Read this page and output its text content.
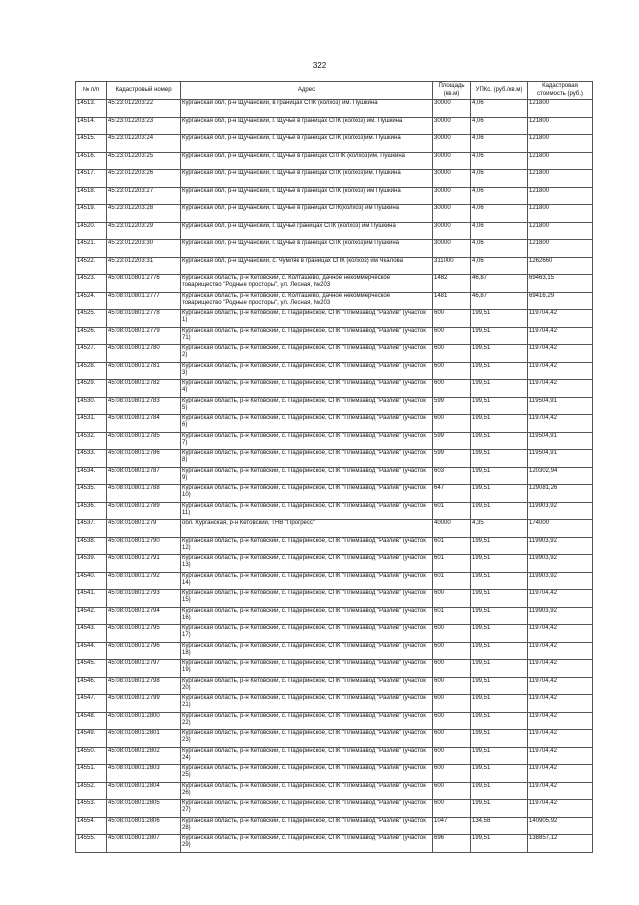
322
№ п/п	Кадастровый номер	Адрес	Площадь (кв.м)	УПКс. (руб./кв.м)	Кадастровая стоимость (руб.)
14513.	45:23:012203:22	Курганская обл, р-н Щучанский, в границах СПК (колхоз) им. Пушкина	30000	4,06	121800
14514.	45:23:012203:23	Курганская обл, р-н Щучанский, г. Щучье в границах СПК (колхоз) им. Пушкина	30000	4,06	121800
14515.	45:23:012203:24	Курганская обл, р-н Щучанский, г. Щучье в границах СПК (колхоз)им. Пушкина	30000	4,06	121800
14516.	45:23:012203:25	Курганская обл, р-н Щучанский, г. Щучье в границах СППК (колхоз)им. Пушкина	30000	4,06	121800
14517.	45:23:012203:26	Курганская обл, р-н Щучанский, г. Щучье в границах СПК (колхоз)им. Пушкина	30000	4,06	121800
14518.	45:23:012203:27	Курганская обл, р-н Щучанский, г. Щучье в границах СПК (колхоз) им Пушкина	30000	4,06	121800
14519.	45:23:012203:28	Курганская обл, р-н Щучанский, г. Щучье в границах СПК(колхоз) им Пушкина	30000	4,06	121800
14520.	45:23:012203:29	Курганская обл, р-н Щучанский, г. Щучье границах СПК (колхоз) им Пушкина	30000	4,06	121800
14521.	45:23:012203:30	Курганская обл, р-н Щучанский, г. Щучье в границах СПК (колхоз)им Пушкина	30000	4,06	121800
14522.	45:23:012203:31	Курганская обл, р-н Щучанский, с. Чумляк в границах СПК (колхоз) им Чкалова	311000	4,06	1262660
14523.	45:08:010801:2776	Курганская область, р-н Кетовский, с. Колташево, дачное некоммерческое товарищество "Родные просторы", ул. Лесная, №203	1482	46,87	69463,15
14524.	45:08:010801:2777	Курганская область, р-н Кетовский, с. Колташево, дачное некоммерческое товарищество "Родные просторы", ул. Лесная, №203	1481	46,87	69416,29
14525.	45:08:010801:2778	Курганская область, р-н Кетовский, с. Падеринское, СПК "Племзавод "Разлив" (участок 1)	600	199,51	119704,42
14526.	45:08:010801:2779	Курганская область, р-н Кетовский, с. Падеринское, СПК "Племзавод "Разлив" (участок 71)	600	199,51	119704,42
14527.	45:08:010801:2780	Курганская область, р-н Кетовский, с. Падеринское, СПК "Племзавод "Разлив" (участок 2)	600	199,51	119704,42
14528.	45:08:010801:2781	Курганская область, р-н Кетовский, с. Падеринское, СПК "Племзавод "Разлив" (участок 3)	600	199,51	119704,42
14529.	45:08:010801:2782	Курганская область, р-н Кетовский, с. Падеринское, СПК "Племзавод "Разлив" (участок 4)	600	199,51	119704,42
14530.	45:08:010801:2783	Курганская область, р-н Кетовский, с. Падеринское, СПК "Племзавод "Разлив" (участок 5)	599	199,51	119504,91
14531.	45:08:010801:2784	Курганская область, р-н Кетовский, с. Падеринское, СПК "Племзавод "Разлив" (участок 6)	600	199,51	119704,42
14532.	45:08:010801:2785	Курганская область, р-н Кетовский, с. Падеринское, СПК "Племзавод "Разлив" (участок 7)	599	199,51	119504,91
14533.	45:08:010801:2786	Курганская область, р-н Кетовский, с. Падеринское, СПК "Племзавод "Разлив" (участок 8)	599	199,51	119504,91
14534.	45:08:010801:2787	Курганская область, р-н Кетовский, с. Падеринское, СПК "Племзавод "Разлив" (участок 9)	603	199,51	120302,94
14535.	45:08:010801:2788	Курганская область, р-н Кетовский, с. Падеринское, СПК "Племзавод "Разлив" (участок 10)	647	199,51	129081,26
14536.	45:08:010801:2789	Курганская область, р-н Кетовский, с. Падеринское, СПК "Племзавод "Разлив" (участок 11)	601	199,51	119903,92
14537.	45:08:010801:279	обл. Курганская, р-н Кетовский, ТНВ "Прогресс"	40000	4,35	174000
14538.	45:08:010801:2790	Курганская область, р-н Кетовский, с. Падеринское, СПК "Племзавод "Разлив" (участок 12)	601	199,51	119903,92
14539.	45:08:010801:2791	Курганская область, р-н Кетовский, с. Падеринское, СПК "Племзавод "Разлив" (участок 13)	601	199,51	119903,92
14540.	45:08:010801:2792	Курганская область, р-н Кетовский, с. Падеринское, СПК "Племзавод "Разлив" (участок 14)	601	199,51	119903,92
14541.	45:08:010801:2793	Курганская область, р-н Кетовский, с. Падеринское, СПК "Племзавод "Разлив" (участок 15)	600	199,51	119704,42
14542.	45:08:010801:2794	Курганская область, р-н Кетовский, с. Падеринское, СПК "Племзавод "Разлив" (участок 16)	601	199,51	119903,92
14543.	45:08:010801:2795	Курганская область, р-н Кетовский, с. Падеринское, СПК "Племзавод "Разлив" (участок 17)	600	199,51	119704,42
14544.	45:08:010801:2796	Курганская область, р-н Кетовский, с. Падеринское, СПК "Племзавод "Разлив" (участок 18)	600	199,51	119704,42
14545.	45:08:010801:2797	Курганская область, р-н Кетовский, с. Падеринское, СПК "Племзавод "Разлив" (участок 19)	600	199,51	119704,42
14546.	45:08:010801:2798	Курганская область, р-н Кетовский, с. Падеринское, СПК "Племзавод "Разлив" (участок 20)	600	199,51	119704,42
14547.	45:08:010801:2799	Курганская область, р-н Кетовский, с. Падеринское, СПК "Племзавод "Разлив" (участок 21)	600	199,51	119704,42
14548.	45:08:010801:2800	Курганская область, р-н Кетовский, с. Падеринское, СПК "Племзавод "Разлив" (участок 22)	600	199,51	119704,42
14549.	45:08:010801:2801	Курганская область, р-н Кетовский, с. Падеринское, СПК "Племзавод "Разлив" (участок 23)	600	199,51	119704,42
14550.	45:08:010801:2802	Курганская область, р-н Кетовский, с. Падеринское, СПК "Племзавод "Разлив" (участок 24)	600	199,51	119704,42
14551.	45:08:010801:2803	Курганская область, р-н Кетовский, с. Падеринское, СПК "Племзавод "Разлив" (участок 25)	600	199,51	119704,42
14552.	45:08:010801:2804	Курганская область, р-н Кетовский, с. Падеринское, СПК "Племзавод "Разлив" (участок 26)	600	199,51	119704,42
14553.	45:08:010801:2805	Курганская область, р-н Кетовский, с. Падеринское, СПК "Племзавод "Разлив" (участок 27)	600	199,51	119704,42
14554.	45:08:010801:2806	Курганская область, р-н Кетовский, с. Падеринское, СПК "Племзавод "Разлив" (участок 28)	1047	134,58	140905,92
14555.	45:08:010801:2807	Курганская область, р-н Кетовский, с. Падеринское, СПК "Племзавод "Разлив" (участок 29)	696	199,51	138857,12
